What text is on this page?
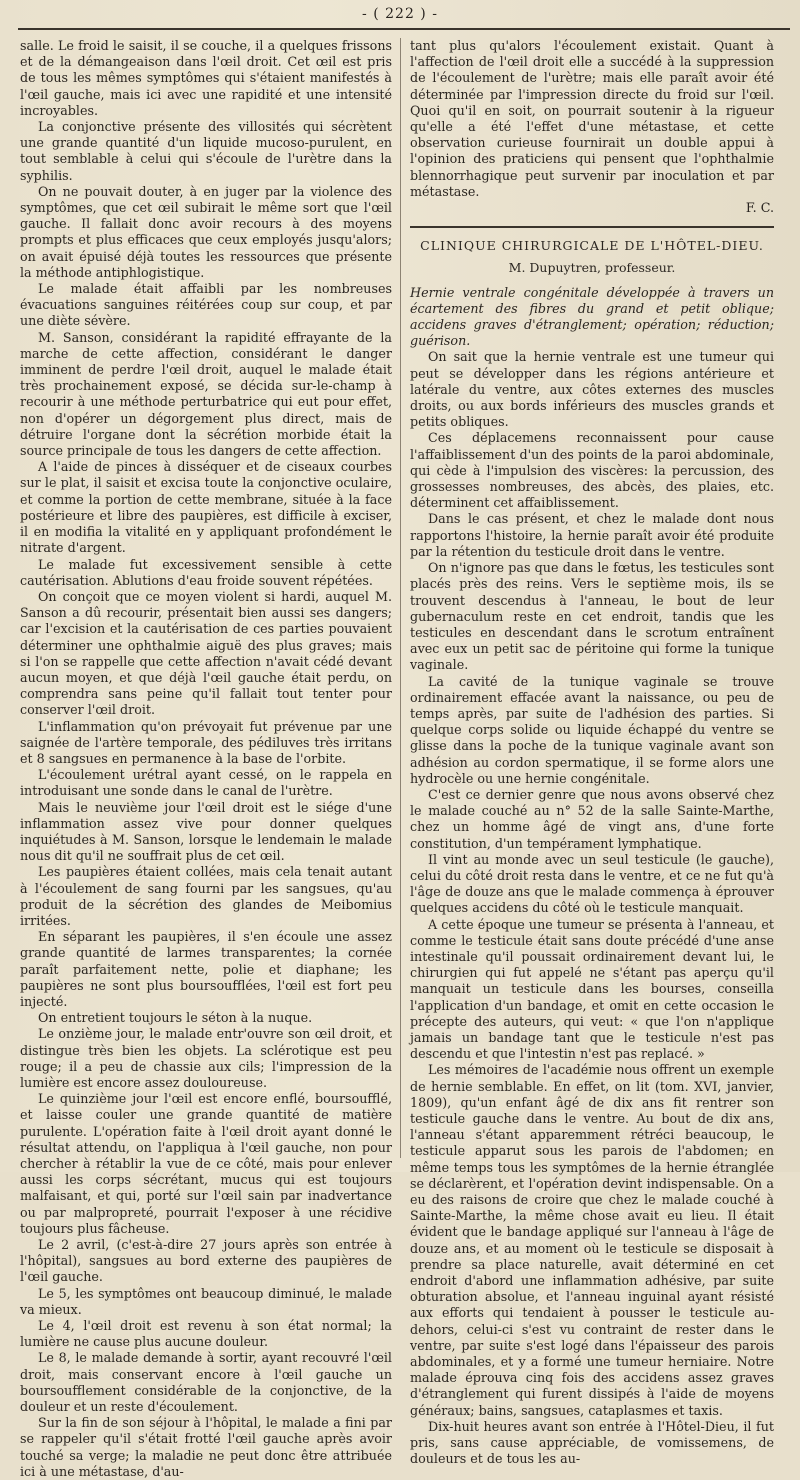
- ( 222 ) -

salle. Le froid le saisit, il se couche, il a quelques frissons et de la démangeaison dans l'œil droit. Cet œil est pris de tous les mêmes symptômes qui s'étaient manifestés à l'œil gauche, mais ici avec une rapidité et une intensité incroyables.

La conjonctive présente des villosités qui sécrètent une grande quantité d'un liquide mucoso-purulent, en tout semblable à celui qui s'écoule de l'urètre dans la syphilis.

On ne pouvait douter, à en juger par la violence des symptômes, que cet œil subirait le même sort que l'œil gauche. Il fallait donc avoir recours à des moyens prompts et plus efficaces que ceux employés jusqu'alors; on avait épuisé déjà toutes les ressources que présente la méthode antiphlogistique.

Le malade était affaibli par les nombreuses évacuations sanguines réitérées coup sur coup, et par une diète sévère.

M. Sanson, considérant la rapidité effrayante de la marche de cette affection, considérant le danger imminent de perdre l'œil droit, auquel le malade était très prochainement exposé, se décida sur-le-champ à recourir à une méthode perturbatrice qui eut pour effet, non d'opérer un dégorgement plus direct, mais de détruire l'organe dont la sécrétion morbide était la source principale de tous les dangers de cette affection.

A l'aide de pinces à disséquer et de ciseaux courbes sur le plat, il saisit et excisa toute la conjonctive oculaire, et comme la portion de cette membrane, située à la face postérieure et libre des paupières, est difficile à exciser, il en modifia la vitalité en y appliquant profondément le nitrate d'argent.

Le malade fut excessivement sensible à cette cautérisation. Ablutions d'eau froide souvent répétées.

On conçoit que ce moyen violent si hardi, auquel M. Sanson a dû recourir, présentait bien aussi ses dangers; car l'excision et la cautérisation de ces parties pouvaient déterminer une ophthalmie aiguë des plus graves; mais si l'on se rappelle que cette affection n'avait cédé devant aucun moyen, et que déjà l'œil gauche était perdu, on comprendra sans peine qu'il fallait tout tenter pour conserver l'œil droit.

L'inflammation qu'on prévoyait fut prévenue par une saignée de l'artère temporale, des pédiluves très irritans et 8 sangsues en permanence à la base de l'orbite.

L'écoulement urétral ayant cessé, on le rappela en introduisant une sonde dans le canal de l'urètre.

Mais le neuvième jour l'œil droit est le siége d'une inflammation assez vive pour donner quelques inquiétudes à M. Sanson, lorsque le lendemain le malade nous dit qu'il ne souffrait plus de cet œil.

Les paupières étaient collées, mais cela tenait autant à l'écoulement de sang fourni par les sangsues, qu'au produit de la sécrétion des glandes de Meibomius irritées.

En séparant les paupières, il s'en écoule une assez grande quantité de larmes transparentes; la cornée paraît parfaitement nette, polie et diaphane; les paupières ne sont plus boursoufflées, l'œil est fort peu injecté.

On entretient toujours le séton à la nuque.

Le onzième jour, le malade entr'ouvre son œil droit, et distingue très bien les objets. La sclérotique est peu rouge; il a peu de chassie aux cils; l'impression de la lumière est encore assez douloureuse.

Le quinzième jour l'œil est encore enflé, boursoufflé, et laisse couler une grande quantité de matière purulente. L'opération faite à l'œil droit ayant donné le résultat attendu, on l'appliqua à l'œil gauche, non pour chercher à rétablir la vue de ce côté, mais pour enlever aussi les corps sécrétant, mucus qui est toujours malfaisant, et qui, porté sur l'œil sain par inadvertance ou par malpropreté, pourrait l'exposer à une récidive toujours plus fâcheuse.

Le 2 avril, (c'est-à-dire 27 jours après son entrée à l'hôpital), sangsues au bord externe des paupières de l'œil gauche.

Le 5, les symptômes ont beaucoup diminué, le malade va mieux.

Le 4, l'œil droit est revenu à son état normal; la lumière ne cause plus aucune douleur.

Le 8, le malade demande à sortir, ayant recouvré l'œil droit, mais conservant encore à l'œil gauche un boursoufflement considérable de la conjonctive, de la douleur et un reste d'écoulement.

Sur la fin de son séjour à l'hôpital, le malade a fini par se rappeler qu'il s'était frotté l'œil gauche après avoir touché sa verge; la maladie ne peut donc être attribuée ici à une métastase, d'au-

tant plus qu'alors l'écoulement existait. Quant à l'affection de l'œil droit elle a succédé à la suppression de l'écoulement de l'urètre; mais elle paraît avoir été déterminée par l'impression directe du froid sur l'œil. Quoi qu'il en soit, on pourrait soutenir à la rigueur qu'elle a été l'effet d'une métastase, et cette observation curieuse fournirait un double appui à l'opinion des praticiens qui pensent que l'ophthalmie blennorrhagique peut survenir par inoculation et par métastase.

F. C.

CLINIQUE CHIRURGICALE DE L'HÔTEL-DIEU.
M. Dupuytren, professeur.

Hernie ventrale congénitale développée à travers un écartement des fibres du grand et petit oblique; accidens graves d'étranglement; opération; réduction; guérison.

On sait que la hernie ventrale est une tumeur qui peut se développer dans les régions antérieure et latérale du ventre, aux côtes externes des muscles droits, ou aux bords inférieurs des muscles grands et petits obliques.

Ces déplacemens reconnaissent pour cause l'affaiblissement d'un des points de la paroi abdominale, qui cède à l'impulsion des viscères: la percussion, des grossesses nombreuses, des abcès, des plaies, etc. déterminent cet affaiblissement.

Dans le cas présent, et chez le malade dont nous rapportons l'histoire, la hernie paraît avoir été produite par la rétention du testicule droit dans le ventre.

On n'ignore pas que dans le fœtus, les testicules sont placés près des reins. Vers le septième mois, ils se trouvent descendus à l'anneau, le bout de leur gubernaculum reste en cet endroit, tandis que les testicules en descendant dans le scrotum entraînent avec eux un petit sac de péritoine qui forme la tunique vaginale.

La cavité de la tunique vaginale se trouve ordinairement effacée avant la naissance, ou peu de temps après, par suite de l'adhésion des parties. Si quelque corps solide ou liquide échappé du ventre se glisse dans la poche de la tunique vaginale avant son adhésion au cordon spermatique, il se forme alors une hydrocèle ou une hernie congénitale.

C'est ce dernier genre que nous avons observé chez le malade couché au n° 52 de la salle Sainte-Marthe, chez un homme âgé de vingt ans, d'une forte constitution, d'un tempérament lymphatique.

Il vint au monde avec un seul testicule (le gauche), celui du côté droit resta dans le ventre, et ce ne fut qu'à l'âge de douze ans que le malade commença à éprouver quelques accidens du côté où le testicule manquait.

A cette époque une tumeur se présenta à l'anneau, et comme le testicule était sans doute précédé d'une anse intestinale qu'il poussait ordinairement devant lui, le chirurgien qui fut appelé ne s'étant pas aperçu qu'il manquait un testicule dans les bourses, conseilla l'application d'un bandage, et omit en cette occasion le précepte des auteurs, qui veut: « que l'on n'applique jamais un bandage tant que le testicule n'est pas descendu et que l'intestin n'est pas replacé. »

Les mémoires de l'académie nous offrent un exemple de hernie semblable. En effet, on lit (tom. XVI, janvier, 1809), qu'un enfant âgé de dix ans fit rentrer son testicule gauche dans le ventre. Au bout de dix ans, l'anneau s'étant apparemment rétréci beaucoup, le testicule apparut sous les parois de l'abdomen; en même temps tous les symptômes de la hernie étranglée se déclarèrent, et l'opération devint indispensable. On a eu des raisons de croire que chez le malade couché à Sainte-Marthe, la même chose avait eu lieu. Il était évident que le bandage appliqué sur l'anneau à l'âge de douze ans, et au moment où le testicule se disposait à prendre sa place naturelle, avait déterminé en cet endroit d'abord une inflammation adhésive, par suite obturation absolue, et l'anneau inguinal ayant résisté aux efforts qui tendaient à pousser le testicule au-dehors, celui-ci s'est vu contraint de rester dans le ventre, par suite s'est logé dans l'épaisseur des parois abdominales, et y a formé une tumeur herniaire. Notre malade éprouva cinq fois des accidens assez graves d'étranglement qui furent dissipés à l'aide de moyens généraux; bains, sangsues, cataplasmes et taxis.

Dix-huit heures avant son entrée à l'Hôtel-Dieu, il fut pris, sans cause appréciable, de vomissemens, de douleurs et de tous les au-
